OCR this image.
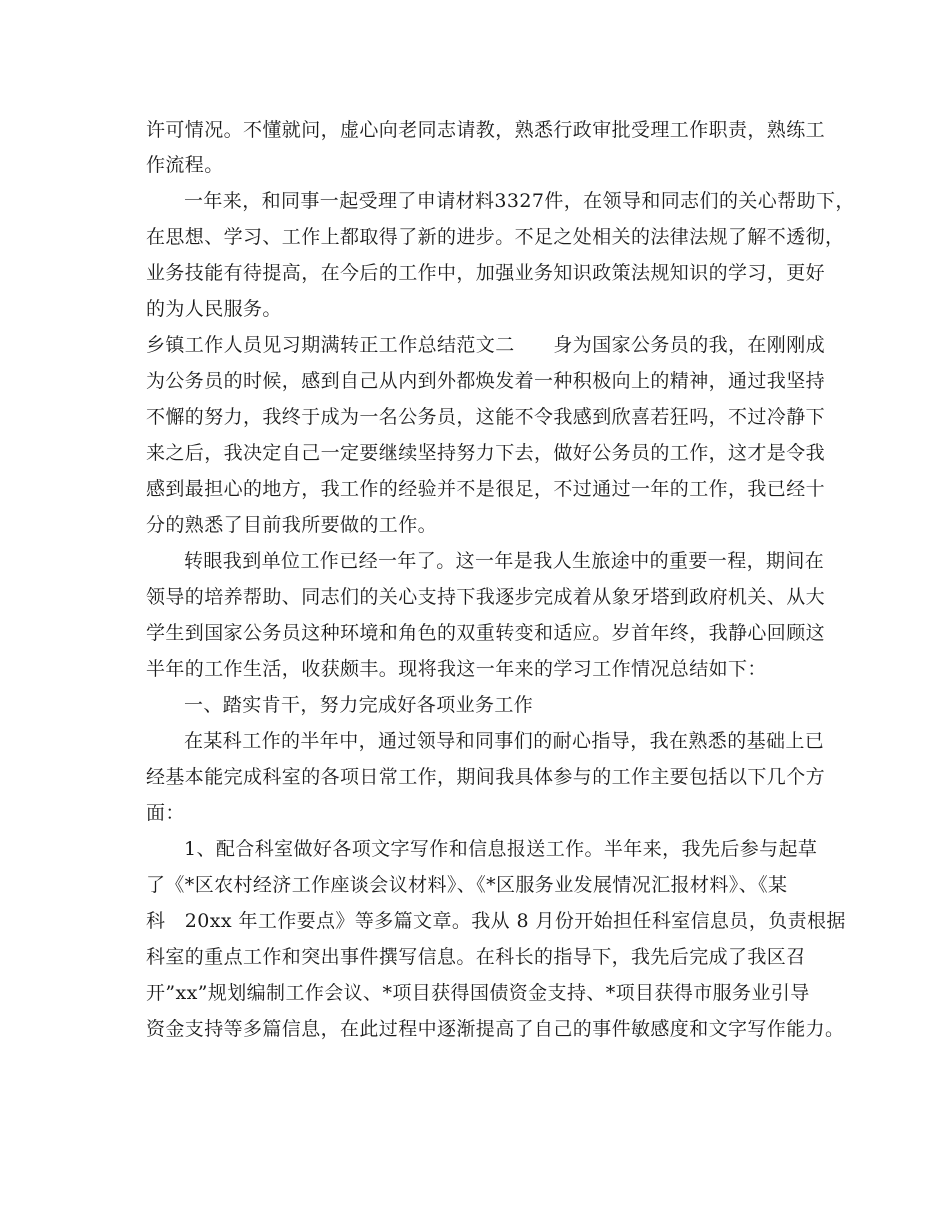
许可情况。不懂就问，虚心向老同志请教，熟悉行政审批受理工作职责，熟练工
作流程。
一年来，和同事一起受理了申请材料3327件，在领导和同志们的关心帮助下，
在思想、学习、工作上都取得了新的进步。不足之处相关的法律法规了解不透彻，
业务技能有待提高，在今后的工作中，加强业务知识政策法规知识的学习，更好
的为人民服务。
乡镇工作人员见习期满转正工作总结范文二　　身为国家公务员的我，在刚刚成
为公务员的时候，感到自己从内到外都焕发着一种积极向上的精神，通过我坚持
不懈的努力，我终于成为一名公务员，这能不令我感到欣喜若狂吗，不过冷静下
来之后，我决定自己一定要继续坚持努力下去，做好公务员的工作，这才是令我
感到最担心的地方，我工作的经验并不是很足，不过通过一年的工作，我已经十
分的熟悉了目前我所要做的工作。
转眼我到单位工作已经一年了。这一年是我人生旅途中的重要一程，期间在
领导的培养帮助、同志们的关心支持下我逐步完成着从象牙塔到政府机关、从大
学生到国家公务员这种环境和角色的双重转变和适应。岁首年终，我静心回顾这
半年的工作生活，收获颇丰。现将我这一年来的学习工作情况总结如下：
一、踏实肯干，努力完成好各项业务工作
在某科工作的半年中，通过领导和同事们的耐心指导，我在熟悉的基础上已
经基本能完成科室的各项日常工作，期间我具体参与的工作主要包括以下几个方
面：
1、配合科室做好各项文字写作和信息报送工作。半年来，我先后参与起草
了《*区农村经济工作座谈会议材料》、《*区服务业发展情况汇报材料》、《某
科　20xx 年工作要点》等多篇文章。我从 8 月份开始担任科室信息员，负责根据
科室的重点工作和突出事件撰写信息。在科长的指导下，我先后完成了我区召
开”xx”规划编制工作会议、*项目获得国债资金支持、*项目获得市服务业引导
资金支持等多篇信息，在此过程中逐渐提高了自己的事件敏感度和文字写作能力。
